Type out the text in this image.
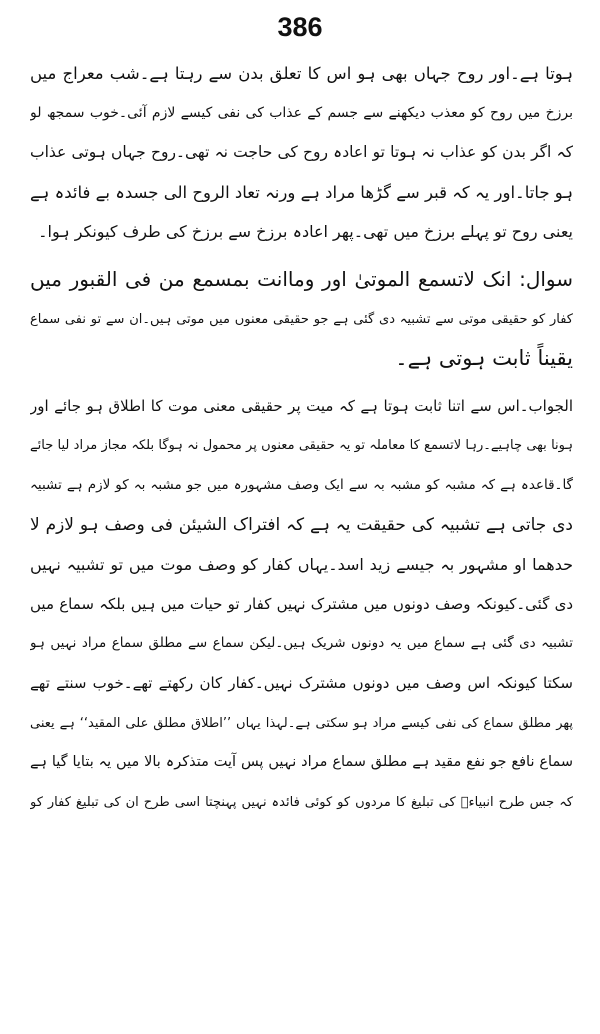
386
ہوتا ہے۔اور روح جہاں بھی ہو اس کا تعلق بدن سے رہتا ہے۔شب معراج میں
برزخ میں روح کو معذب دیکھنے سے جسم کے عذاب کی نفی کیسے لازم آئی۔خوب سمجھ لو
کہ اگر بدن کو عذاب نہ ہوتا تو اعادہ روح کی حاجت نہ تھی۔روح جہاں ہوتی عذاب
ہو جاتا۔اور یہ کہ قبر سے گڑھا مراد ہے ورنہ تعاد الروح الی جسدہ بے فائدہ ہے
یعنی روح تو پہلے برزخ میں تھی۔پھر اعادہ برزخ سے برزخ کی طرف کیونکر ہوا۔
سوال: انک لاتسمع الموتیٰ اور وماانت بمسمع من فی القبور میں
کفار کو حقیقی موتی سے تشبیہ دی گئی ہے جو حقیقی معنوں میں موتی ہیں۔ان سے تو نفی سماع
یقیناً ثابت ہوتی ہے۔
الجواب۔اس سے اتنا ثابت ہوتا ہے کہ میت پر حقیقی معنی موت کا اطلاق ہو جائے اور
ہونا بھی چاہیے۔رہا لاتسمع کا معاملہ تو یہ حقیقی معنوں پر محمول نہ ہوگا بلکہ مجاز مراد لیا جائے
گا۔قاعدہ ہے کہ مشبہ کو مشبہ بہ سے ایک وصف مشہورہ میں جو مشبہ بہ کو لازم ہے تشبیہ
دی جاتی ہے تشبیہ کی حقیقت یہ ہے کہ افتراک الشیئن فی وصف ہو لازم لا
حدھما او مشہور بہ جیسے زید اسد۔یہاں کفار کو وصف موت میں تو تشبیہ نہیں
دی گئی۔کیونکہ وصف دونوں میں مشترک نہیں کفار تو حیات میں ہیں بلکہ سماع میں
تشبیہ دی گئی ہے سماع میں یہ دونوں شریک ہیں۔لیکن سماع سے مطلق سماع مراد نہیں ہو
سکتا کیونکہ اس وصف میں دونوں مشترک نہیں۔کفار کان رکھتے تھے۔خوب سنتے تھے
پھر مطلق سماع کی نفی کیسے مراد ہو سکتی ہے۔لہذا یہاں ’’اطلاق مطلق علی المقید‘‘ ہے یعنی
سماع نافع جو نفع مقید ہے مطلق سماع مراد نہیں پس آیت متذکرہ بالا میں یہ بتایا گیا ہے
کہ جس طرح انبیاءؑ کی تبلیغ کا مردوں کو کوئی فائدہ نہیں پہنچتا اسی طرح ان کی تبلیغ کفار کو
